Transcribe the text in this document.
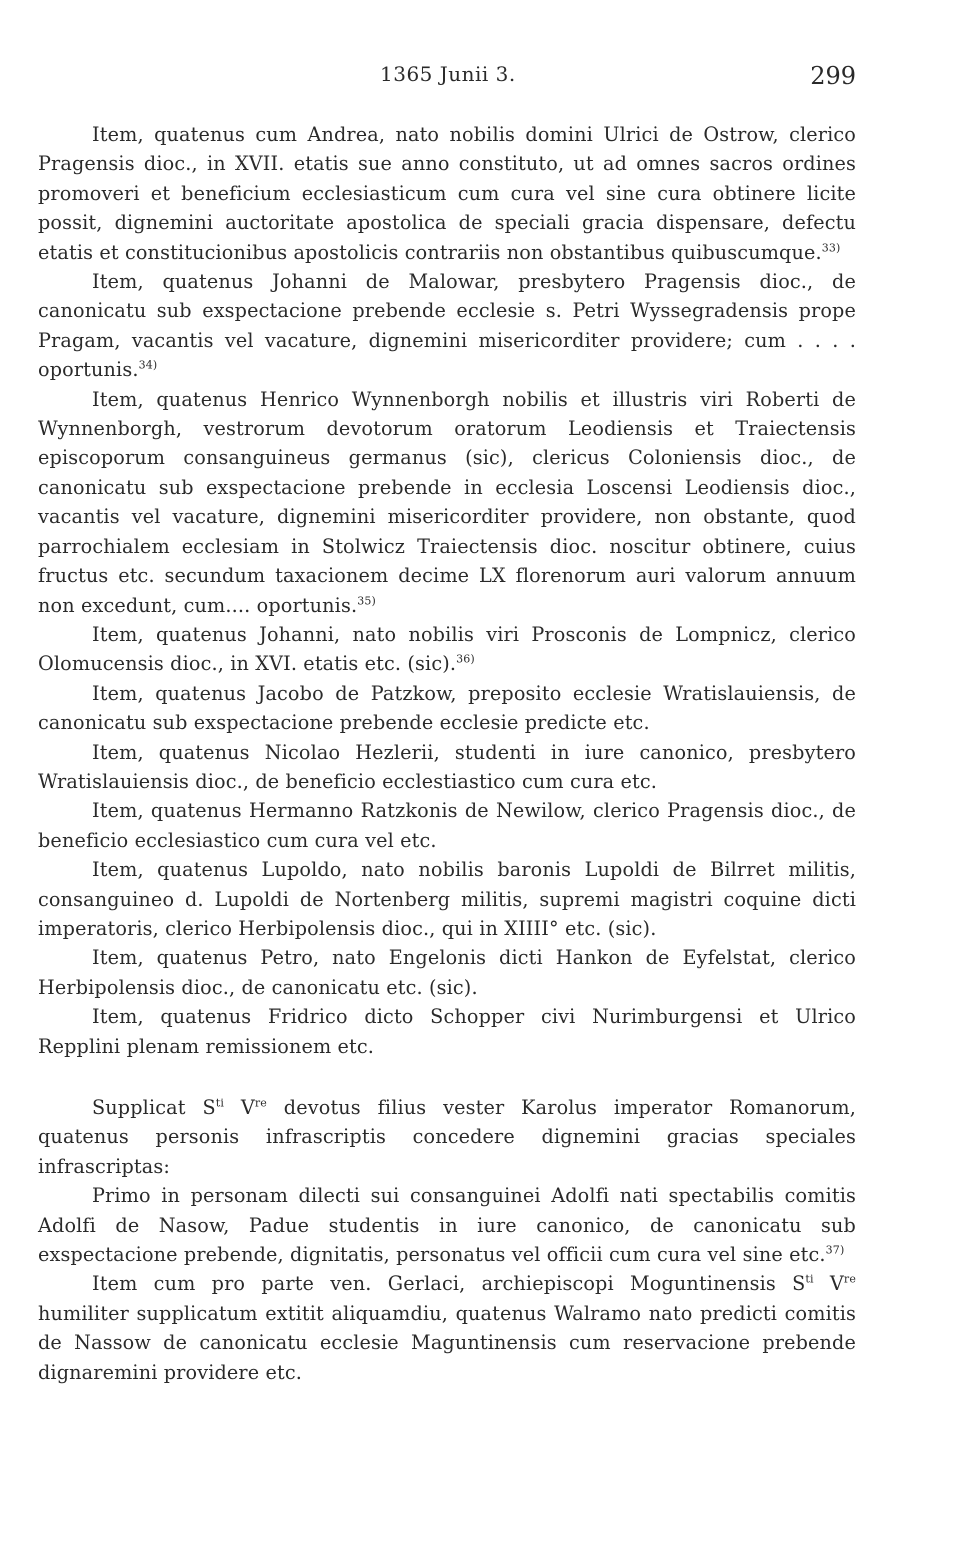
1365 Junii 3.	299

Item, quatenus cum Andrea, nato nobilis domini Ulrici de Ostrow, clerico Pragensis dioc., in XVII. etatis sue anno constituto, ut ad omnes sacros ordines promoveri et beneficium ecclesiasticum cum cura vel sine cura obtinere licite possit, dignemini auctoritate apostolica de speciali gracia dispensare, defectu etatis et constitucionibus apostolicis contrariis non obstantibus quibuscumque.$^{33)}$

Item, quatenus Johanni de Malowar, presbytero Pragensis dioc., de canonicatu sub exspectacione prebende ecclesie s. Petri Wyssegradensis prope Pragam, vacantis vel vacature, dignemini misericorditer providere; cum . . . . oportunis.$^{34)}$

Item, quatenus Henrico Wynnenborgh nobilis et illustris viri Roberti de Wynnenborgh, vestrorum devotorum oratorum Leodiensis et Traiectensis episcoporum consanguineus germanus (sic), clericus Coloniensis dioc., de canonicatu sub exspectacione prebende in ecclesia Loscensi Leodiensis dioc., vacantis vel vacature, dignemini misericorditer providere, non obstante, quod parrochialem ecclesiam in Stolwicz Traiectensis dioc. noscitur obtinere, cuius fructus etc. secundum taxacionem decime LX florenorum auri valorum annuum non excedunt, cum.... oportunis.$^{35)}$

Item, quatenus Johanni, nato nobilis viri Prosconis de Lompnicz, clerico Olomucensis dioc., in XVI. etatis etc. (sic).$^{36)}$

Item, quatenus Jacobo de Patzkow, preposito ecclesie Wratislauiensis, de canonicatu sub exspectacione prebende ecclesie predicte etc.

Item, quatenus Nicolao Hezlerii, studenti in iure canonico, presbytero Wratislauiensis dioc., de beneficio ecclestiastico cum cura etc.

Item, quatenus Hermanno Ratzkonis de Newilow, clerico Pragensis dioc., de beneficio ecclesiastico cum cura vel etc.

Item, quatenus Lupoldo, nato nobilis baronis Lupoldi de Bilrret militis, consanguineo d. Lupoldi de Nortenberg militis, supremi magistri coquine dicti imperatoris, clerico Herbipolensis dioc., qui in XIIII° etc. (sic).

Item, quatenus Petro, nato Engelonis dicti Hankon de Eyfelstat, clerico Herbipolensis dioc., de canonicatu etc. (sic).

Item, quatenus Fridrico dicto Schopper civi Nurimburgensi et Ulrico Repplini plenam remissionem etc.

Supplicat $S^{ti}$ Vre devotus filius vester Karolus imperator Romanorum, quatenus personis infrascriptis concedere dignemini gracias speciales infrascriptas:

Primo in personam dilecti sui consanguinei Adolfi nati spectabilis comitis Adolfi de Nasow, Padue studentis in iure canonico, de canonicatu sub exspectacione prebende, dignitatis, personatus vel officii cum cura vel sine etc.$^{37)}$

Item cum pro parte ven. Gerlaci, archiepiscopi Moguntinensis $S^{ti}$ Vre humiliter supplicatum extitit aliquamdiu, quatenus Walramo nato predicti comitis de Nassow de canonicatu ecclesie Maguntinensis cum reservacione prebende dignaremini providere etc.
